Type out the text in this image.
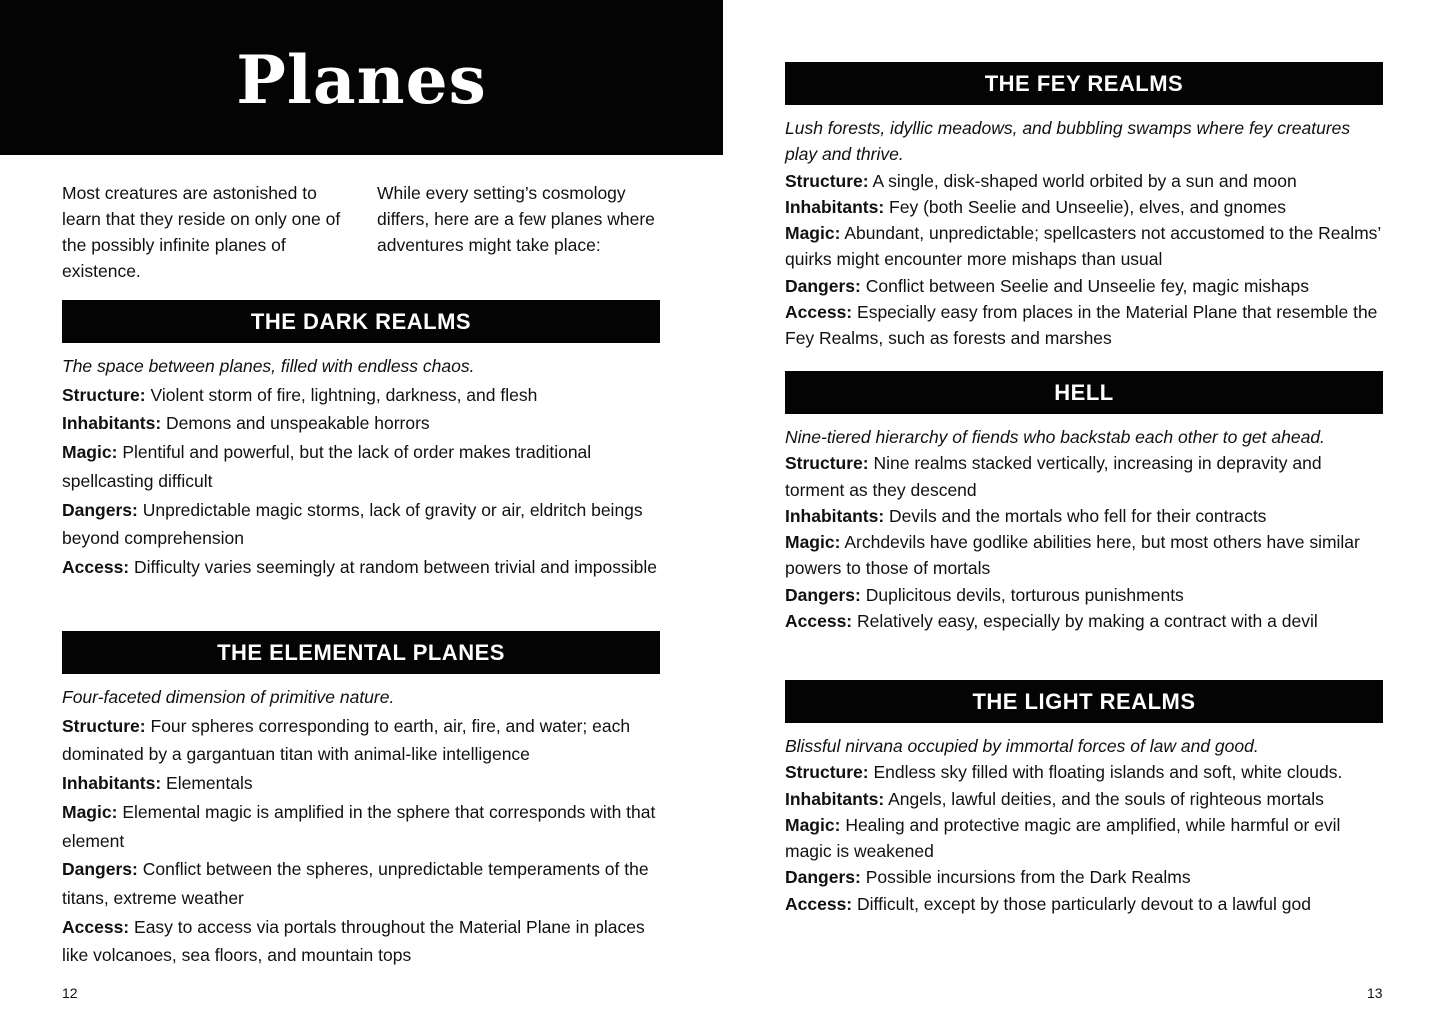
Planes

Most creatures are astonished to learn that they reside on only one of the possibly infinite planes of existence.

While every setting’s cosmology differs, here are a few planes where adventures might take place:

THE DARK REALMS

The space between planes, filled with endless chaos.

Structure: Violent storm of fire, lightning, darkness, and flesh

Inhabitants: Demons and unspeakable horrors

Magic: Plentiful and powerful, but the lack of order makes traditional spellcasting difficult

Dangers: Unpredictable magic storms, lack of gravity or air, eldritch beings beyond comprehension

Access: Difficulty varies seemingly at random between trivial and impossible

THE ELEMENTAL PLANES

Four-faceted dimension of primitive nature.

Structure: Four spheres corresponding to earth, air, fire, and water; each dominated by a gargantuan titan with animal-like intelligence

Inhabitants: Elementals

Magic: Elemental magic is amplified in the sphere that corresponds with that element

Dangers: Conflict between the spheres, unpredictable temperaments of the titans, extreme weather

Access: Easy to access via portals throughout the Material Plane in places like volcanoes, sea floors, and mountain tops

THE FEY REALMS

Lush forests, idyllic meadows, and bubbling swamps where fey creatures play and thrive.

Structure: A single, disk-shaped world orbited by a sun and moon

Inhabitants: Fey (both Seelie and Unseelie), elves, and gnomes

Magic: Abundant, unpredictable; spellcasters not accustomed to the Realms’ quirks might encounter more mishaps than usual

Dangers: Conflict between Seelie and Unseelie fey, magic mishaps

Access: Especially easy from places in the Material Plane that resemble the Fey Realms, such as forests and marshes

HELL

Nine-tiered hierarchy of fiends who backstab each other to get ahead.

Structure: Nine realms stacked vertically, increasing in depravity and torment as they descend

Inhabitants: Devils and the mortals who fell for their contracts

Magic: Archdevils have godlike abilities here, but most others have similar powers to those of mortals

Dangers: Duplicitous devils, torturous punishments

Access: Relatively easy, especially by making a contract with a devil

THE LIGHT REALMS

Blissful nirvana occupied by immortal forces of law and good.

Structure: Endless sky filled with floating islands and soft, white clouds.

Inhabitants: Angels, lawful deities, and the souls of righteous mortals

Magic: Healing and protective magic are amplified, while harmful or evil magic is weakened

Dangers: Possible incursions from the Dark Realms

Access: Difficult, except by those particularly devout to a lawful god

12	13
